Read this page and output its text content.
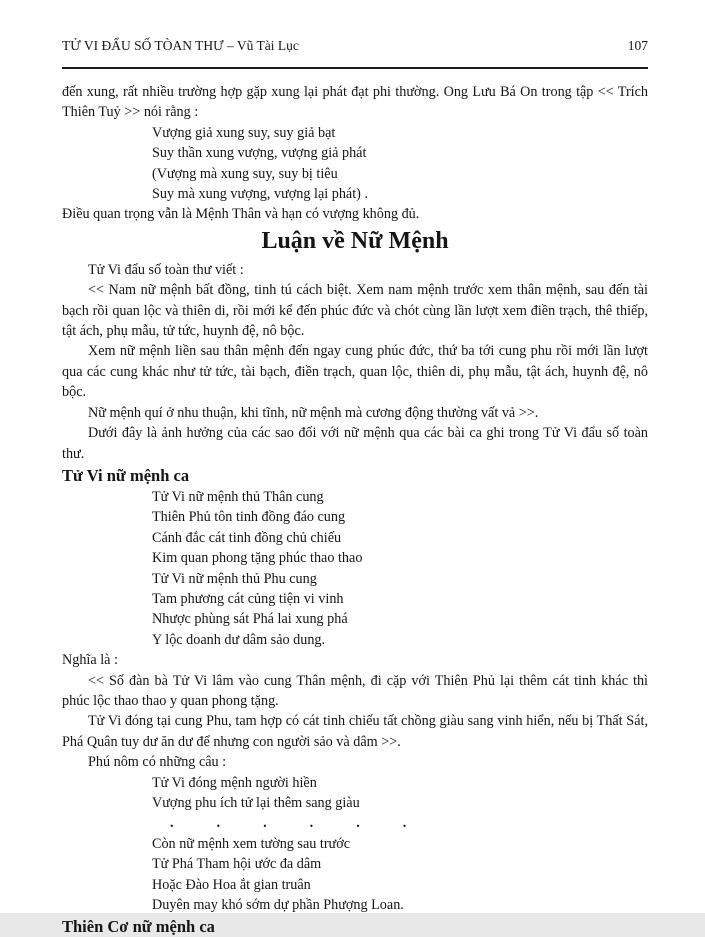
TỬ VI ĐẨU SỐ TÒAN THƯ – Vũ Tài Lục	107

đến xung, rất nhiều trường hợp gặp xung lại phát đạt phi thường. Ong Lưu Bá On trong tập << Trích Thiên Tuỷ >> nói rằng :

Vượng giả xung suy, suy giả bạt
Suy thần xung vượng, vượng giả phát
(Vượng mà xung suy, suy bị tiêu
Suy mà xung vượng, vượng lại phát) .

Điều quan trọng vẫn là Mệnh Thân và hạn có vượng không đủ.

Luận về Nữ Mệnh

Tử Vi đẩu số toàn thư viết :

<< Nam nữ mệnh bất đồng, tinh tú cách biệt. Xem nam mệnh trước xem thân mệnh, sau đến tài bạch rồi quan lộc và thiên di, rồi mới kể đến phúc đức và chót cùng lần lượt xem điền trạch, thê thiếp, tật ách, phụ mẫu, tử tức, huynh đệ, nô bộc.

Xem nữ mệnh liền sau thân mệnh đến ngay cung phúc đức, thứ ba tới cung phu rồi mới lần lượt qua các cung khác như tử tức, tài bạch, điền trạch, quan lộc, thiên di, phụ mẫu, tật ách, huynh đệ, nô bộc.

Nữ mệnh quí ở nhu thuận, khi tĩnh, nữ mệnh mà cương động thường vất vả >>.

Dưới đây là ảnh hưởng của các sao đối với nữ mệnh qua các bài ca ghi trong Tử Vi đẩu số toàn thư.

Tử Vi nữ mệnh ca
Tử Vi nữ mệnh thủ Thân cung
Thiên Phủ tôn tinh đồng đáo cung
Cánh đắc cát tinh đồng chủ chiếu
Kim quan phong tặng phúc thao thao
Tử Vi nữ mệnh thủ Phu cung
Tam phương cát củng tiện vi vinh
Nhược phùng sát Phá lai xung phá
Y lộc doanh dư dâm sảo dung.

Nghĩa là :

<< Số đàn bà Tử Vi lâm vào cung Thân mệnh, đi cặp với Thiên Phủ lại thêm cát tinh khác thì phúc lộc thao thao y quan phong tặng.

Tử Vi đóng tại cung Phu, tam hợp có cát tinh chiếu tất chồng giàu sang vinh hiển, nếu bị Thất Sát, Phá Quân tuy dư ăn dư để nhưng con người sảo và dâm >>.

Phú nôm có những câu :

Tử Vi đóng mệnh người hiền
Vượng phu ích tử lại thêm sang giàu
.	.	.	.	.	.
Còn nữ mệnh xem tường sau trước
Tử Phá Tham hội ước đa dâm
Hoặc Đào Hoa ắt gian truân
Duyên may khó sớm dự phần Phượng Loan.
Thiên Cơ nữ mệnh ca
